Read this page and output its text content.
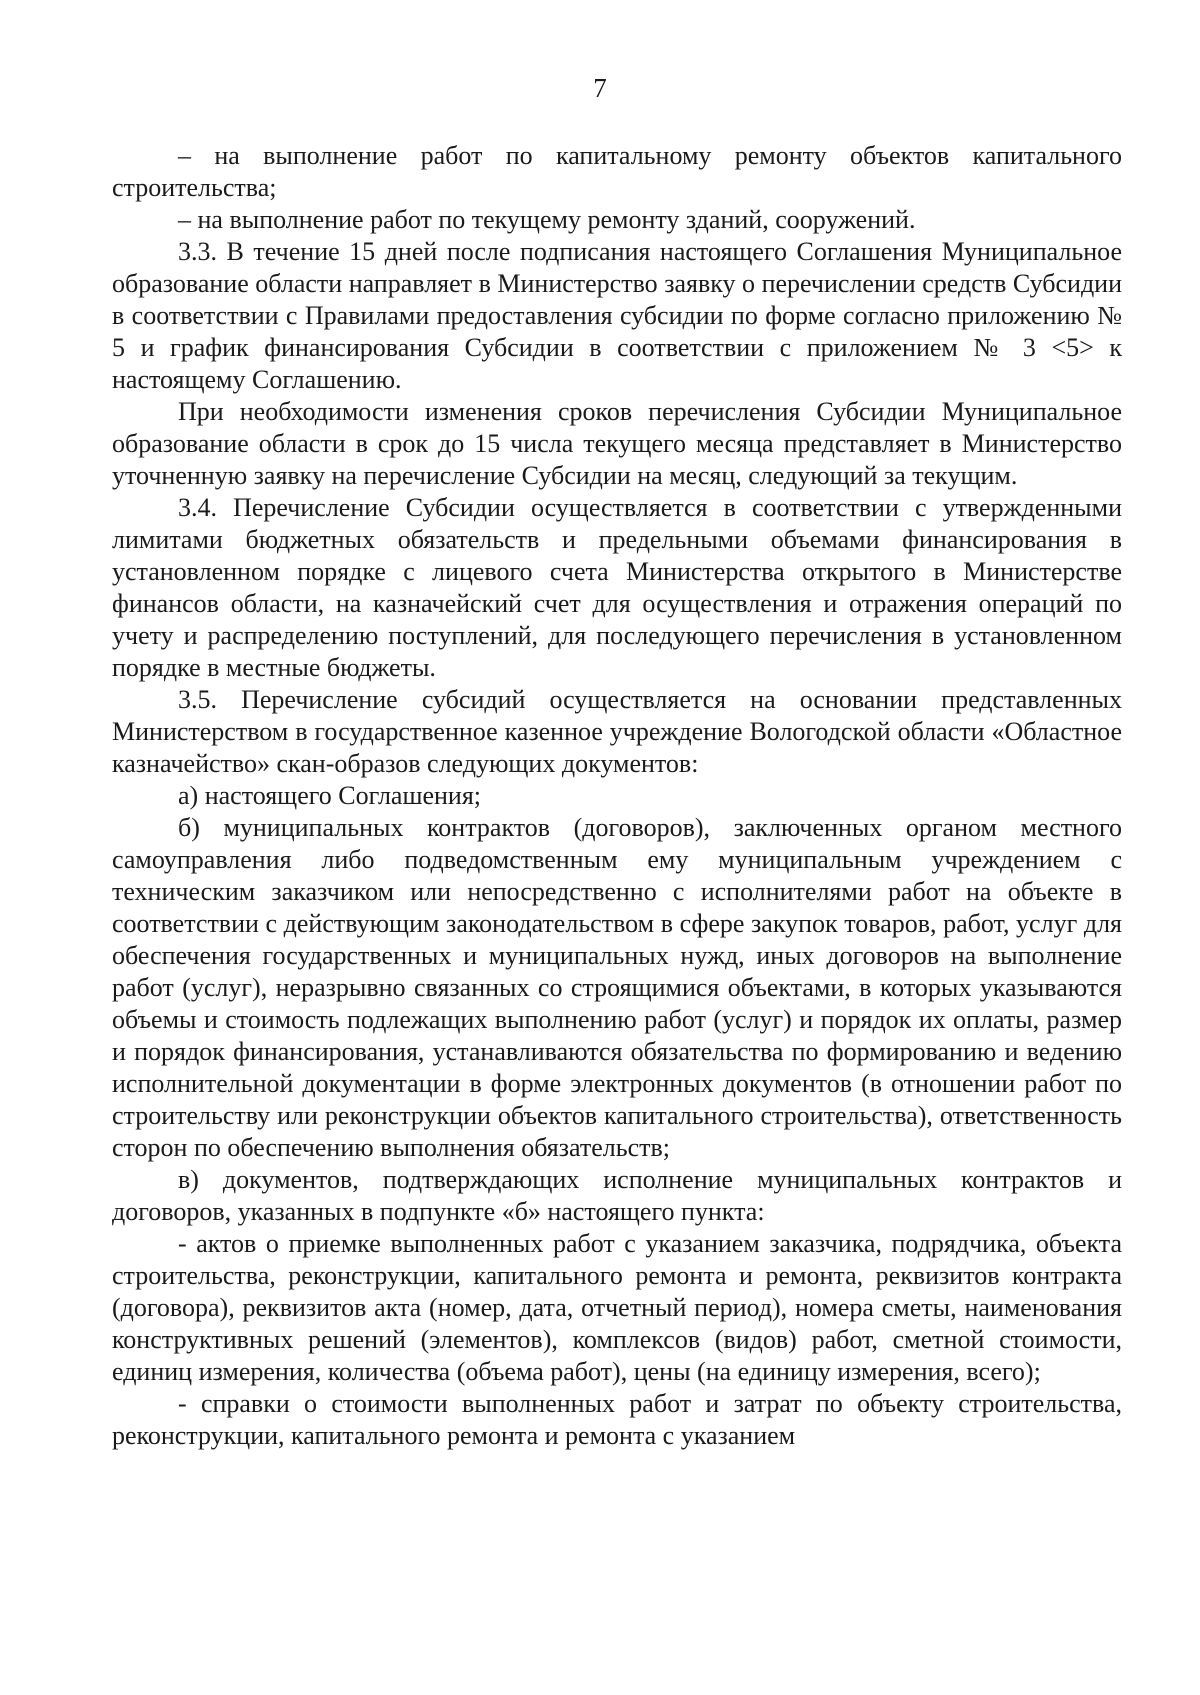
7

– на выполнение работ по капитальному ремонту объектов капитального строительства;

– на выполнение работ по текущему ремонту зданий, сооружений.

3.3. В течение 15 дней после подписания настоящего Соглашения Муниципальное образование области направляет в Министерство заявку о перечислении средств Субсидии в соответствии с Правилами предоставления субсидии по форме согласно приложению № 5 и график финансирования Субсидии в соответствии с приложением № 3 <5> к настоящему Соглашению.

При необходимости изменения сроков перечисления Субсидии Муниципальное образование области в срок до 15 числа текущего месяца представляет в Министерство уточненную заявку на перечисление Субсидии на месяц, следующий за текущим.

3.4. Перечисление Субсидии осуществляется в соответствии с утвержденными лимитами бюджетных обязательств и предельными объемами финансирования в установленном порядке с лицевого счета Министерства открытого в Министерстве финансов области, на казначейский счет для осуществления и отражения операций по учету и распределению поступлений, для последующего перечисления в установленном порядке в местные бюджеты.

3.5. Перечисление субсидий осуществляется на основании представленных Министерством в государственное казенное учреждение Вологодской области «Областное казначейство» скан-образов следующих документов:

а) настоящего Соглашения;

б) муниципальных контрактов (договоров), заключенных органом местного самоуправления либо подведомственным ему муниципальным учреждением с техническим заказчиком или непосредственно с исполнителями работ на объекте в соответствии с действующим законодательством в сфере закупок товаров, работ, услуг для обеспечения государственных и муниципальных нужд, иных договоров на выполнение работ (услуг), неразрывно связанных со строящимися объектами, в которых указываются объемы и стоимость подлежащих выполнению работ (услуг) и порядок их оплаты, размер и порядок финансирования, устанавливаются обязательства по формированию и ведению исполнительной документации в форме электронных документов (в отношении работ по строительству или реконструкции объектов капитального строительства), ответственность сторон по обеспечению выполнения обязательств;

в) документов, подтверждающих исполнение муниципальных контрактов и договоров, указанных в подпункте «б» настоящего пункта:

- актов о приемке выполненных работ с указанием заказчика, подрядчика, объекта строительства, реконструкции, капитального ремонта и ремонта, реквизитов контракта (договора), реквизитов акта (номер, дата, отчетный период), номера сметы, наименования конструктивных решений (элементов), комплексов (видов) работ, сметной стоимости, единиц измерения, количества (объема работ), цены (на единицу измерения, всего);

- справки о стоимости выполненных работ и затрат по объекту строительства, реконструкции, капитального ремонта и ремонта с указанием
